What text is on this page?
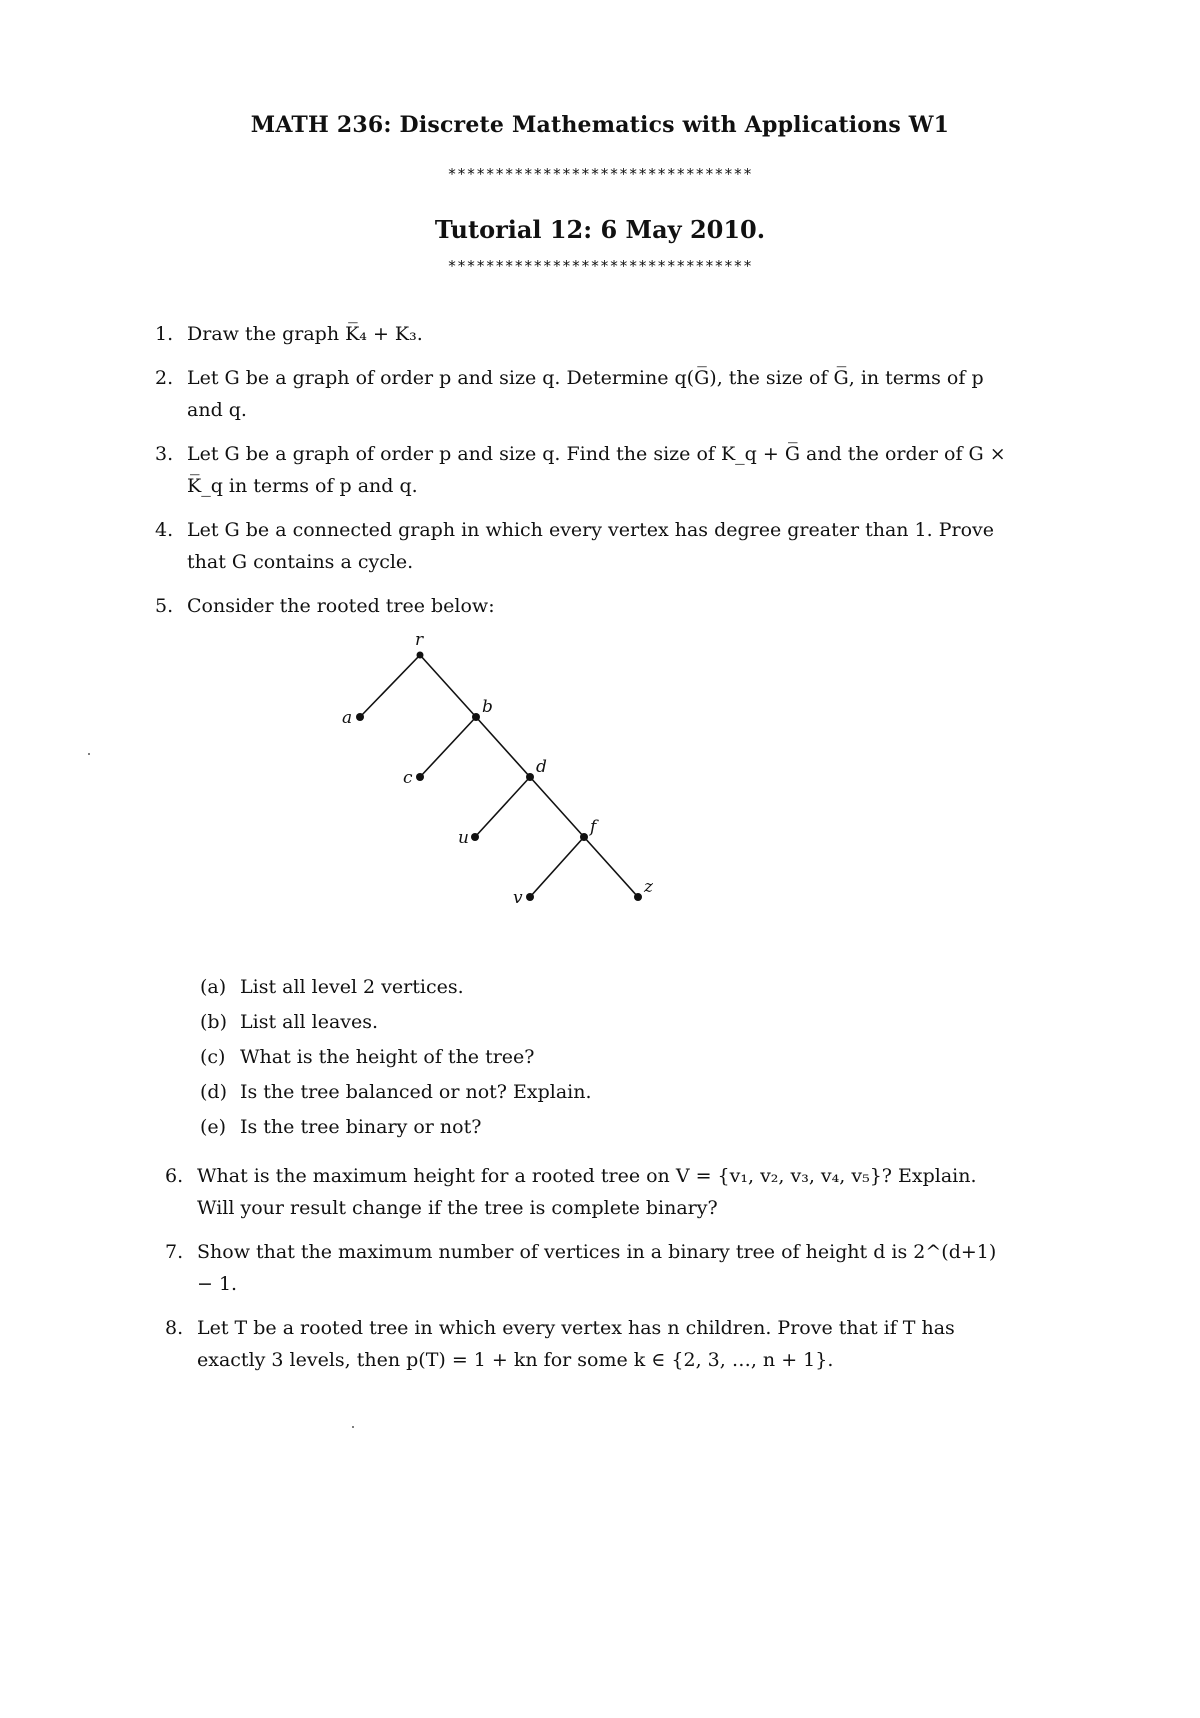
MATH 236: Discrete Mathematics with Applications W1
********************************
Tutorial 12: 6 May 2010.
********************************
1. Draw the graph K̅₄ + K₃.
2. Let G be a graph of order p and size q. Determine q(G̅), the size of G̅, in terms of p and q.
3. Let G be a graph of order p and size q. Find the size of K_q + G̅ and the order of G × K̅_q in terms of p and q.
4. Let G be a connected graph in which every vertex has degree greater than 1. Prove that G contains a cycle.
5. Consider the rooted tree below:
r
a
b
c
d
u
f
v
z
(a) List all level 2 vertices.
(b) List all leaves.
(c) What is the height of the tree?
(d) Is the tree balanced or not? Explain.
(e) Is the tree binary or not?
6. What is the maximum height for a rooted tree on V = {v₁, v₂, v₃, v₄, v₅}? Explain. Will your result change if the tree is complete binary?
7. Show that the maximum number of vertices in a binary tree of height d is 2^(d+1) − 1.
8. Let T be a rooted tree in which every vertex has n children. Prove that if T has exactly 3 levels, then p(T) = 1 + kn for some k ∈ {2, 3, …, n + 1}.
